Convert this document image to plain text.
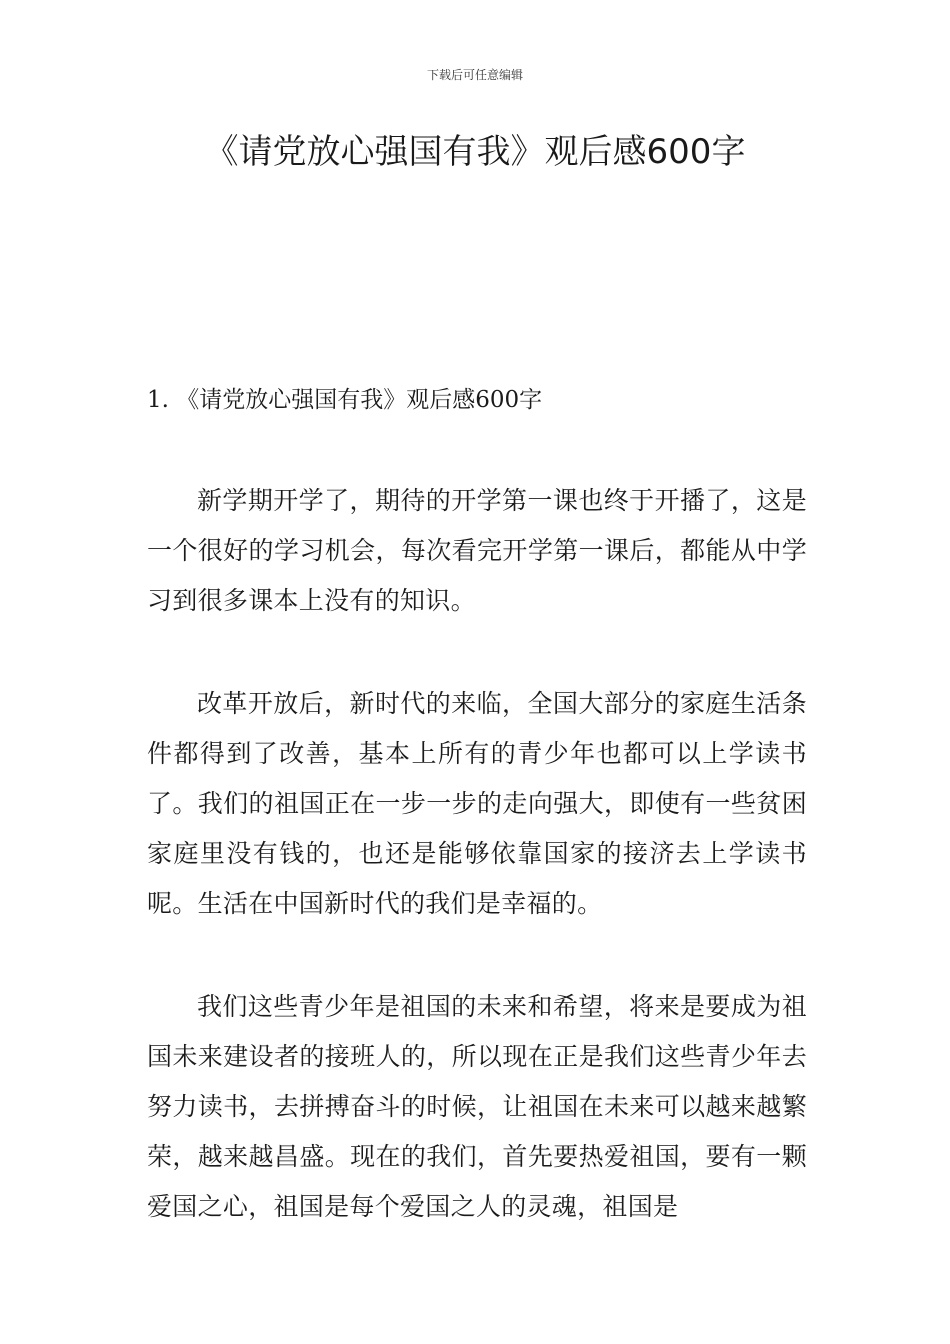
下载后可任意编辑
《请党放心强国有我》观后感600字
1. 《请党放心强国有我》观后感600字

新学期开学了，期待的开学第一课也终于开播了，这是一个很好的学习机会，每次看完开学第一课后，都能从中学习到很多课本上没有的知识。

改革开放后，新时代的来临，全国大部分的家庭生活条件都得到了改善，基本上所有的青少年也都可以上学读书了。我们的祖国正在一步一步的走向强大，即使有一些贫困家庭里没有钱的，也还是能够依靠国家的接济去上学读书呢。生活在中国新时代的我们是幸福的。

我们这些青少年是祖国的未来和希望，将来是要成为祖国未来建设者的接班人的，所以现在正是我们这些青少年去努力读书，去拼搏奋斗的时候，让祖国在未来可以越来越繁荣，越来越昌盛。现在的我们，首先要热爱祖国，要有一颗爱国之心，祖国是每个爱国之人的灵魂，祖国是
